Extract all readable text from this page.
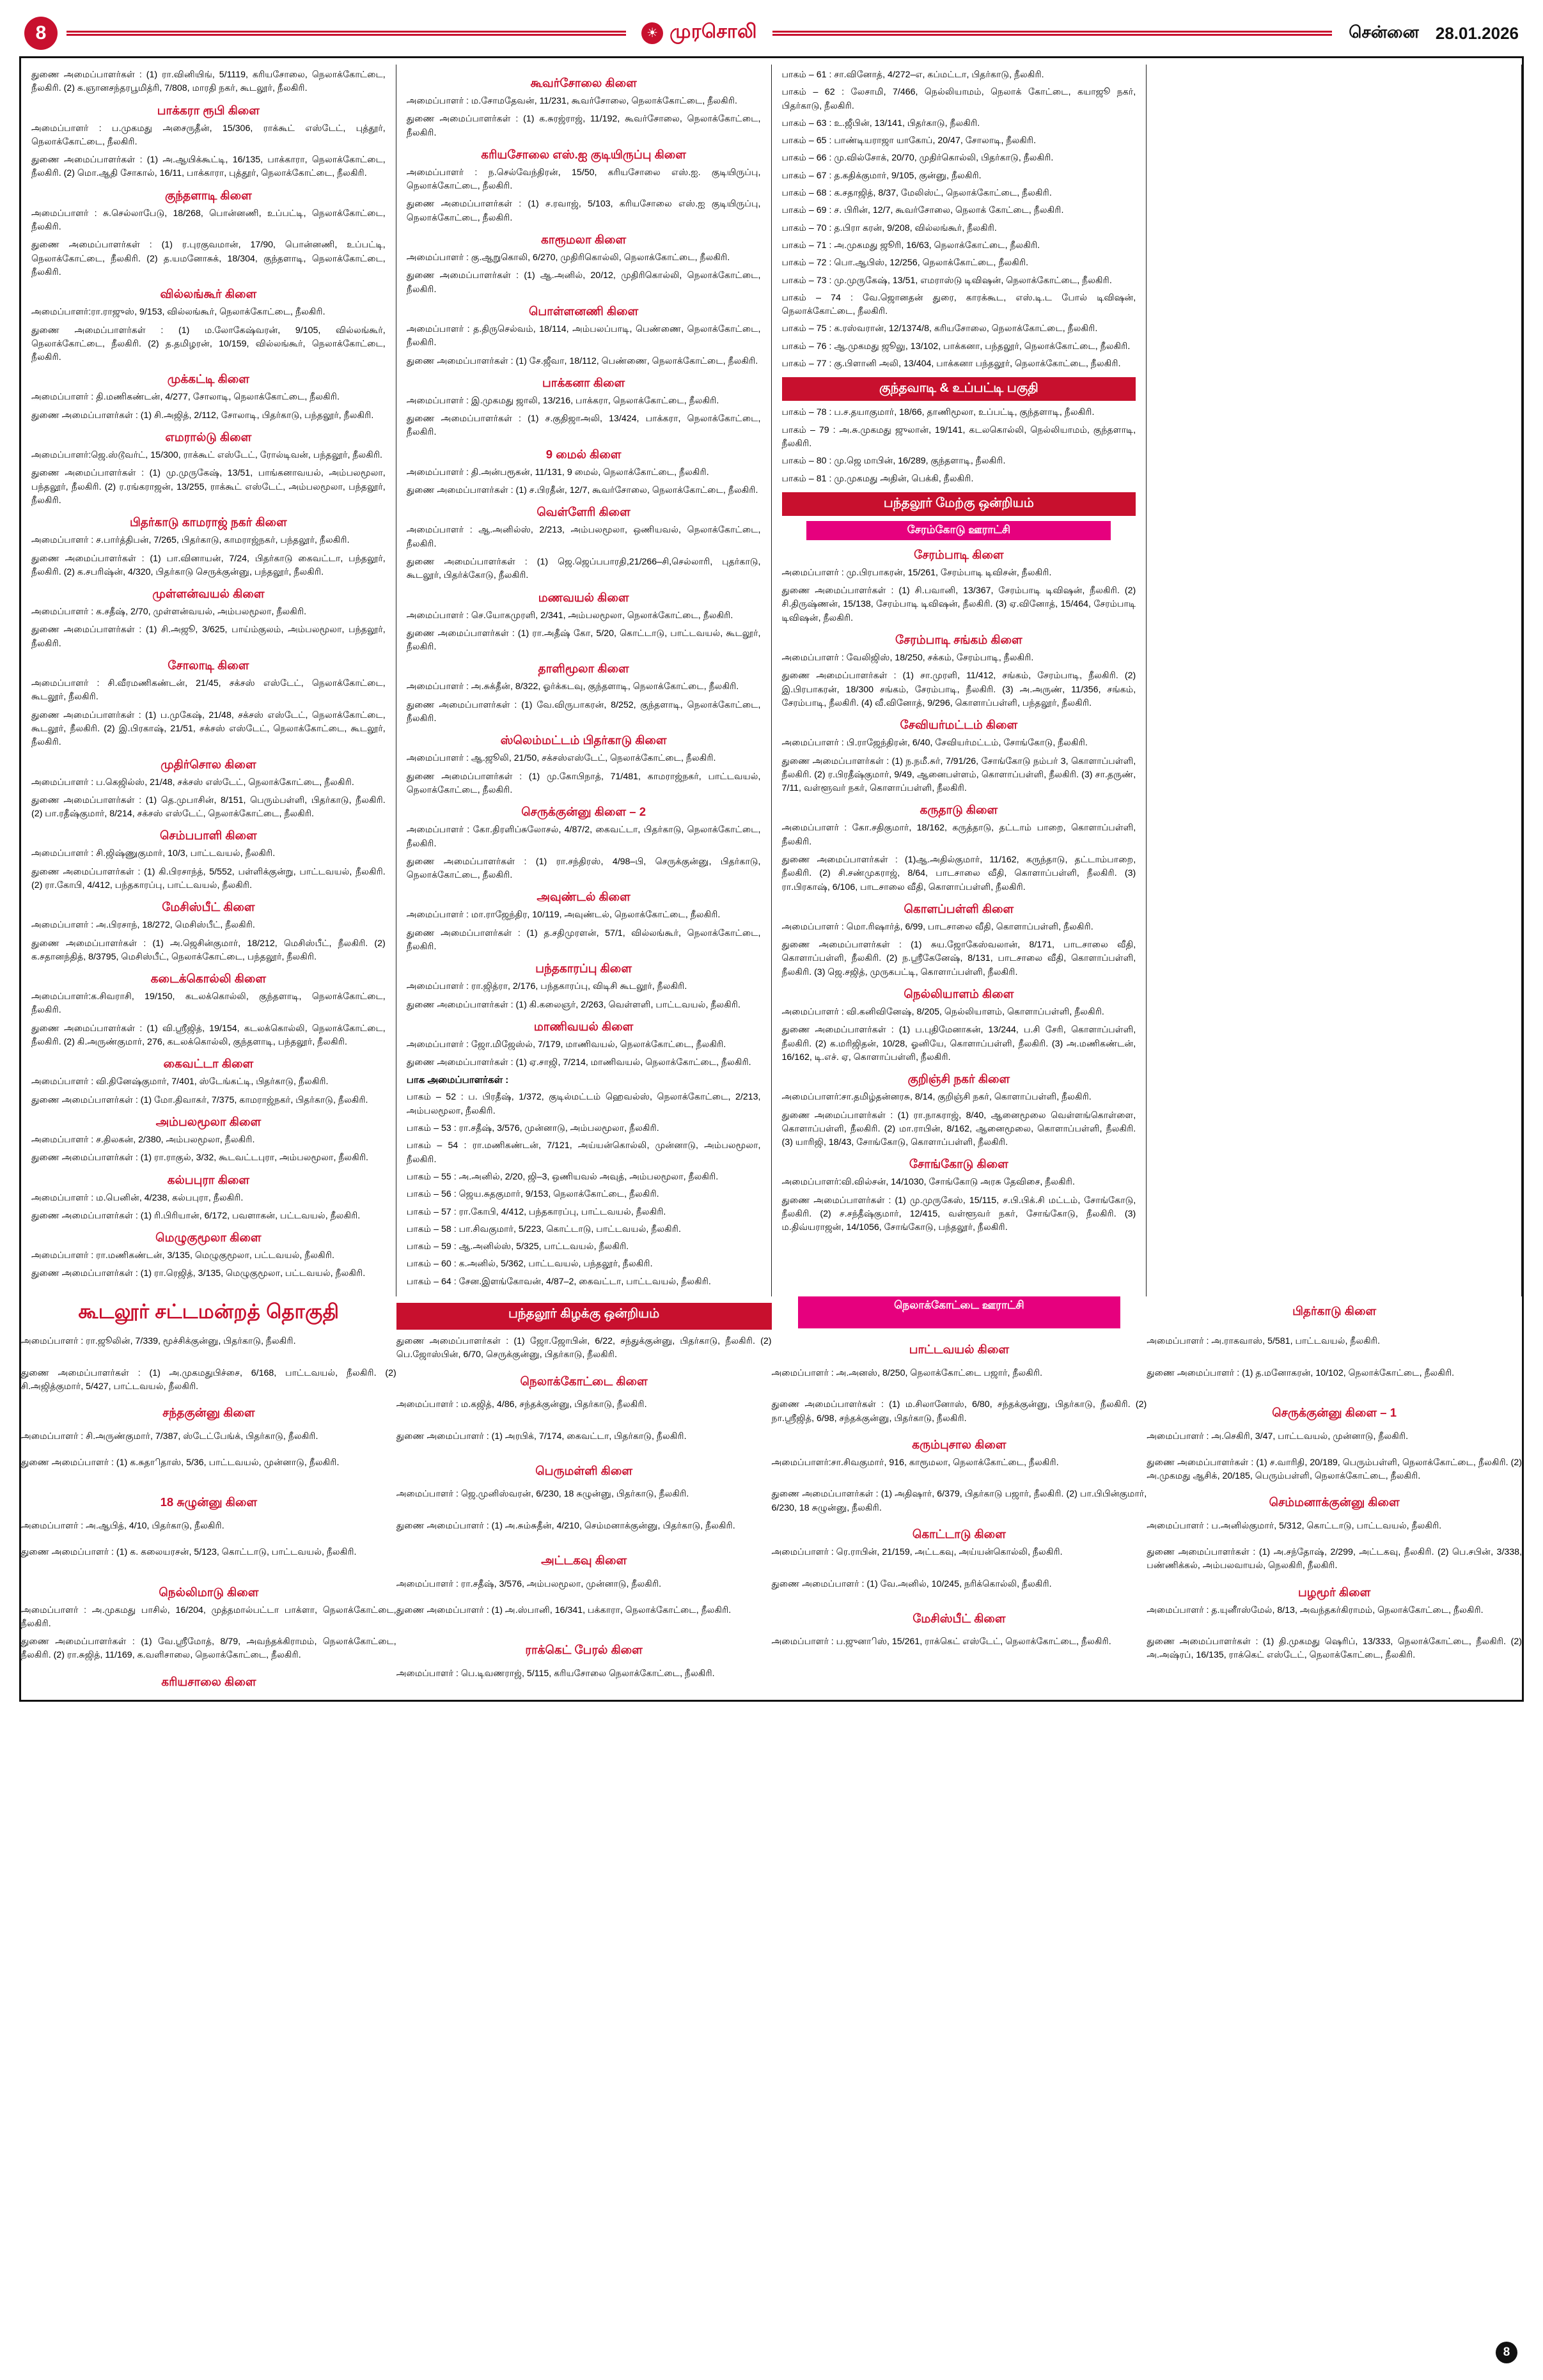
8	☀ முரசொலி	சென்னை	28.01.2026
துணை அமைப்பாளர்கள் : (1) ரா.வினியிங், 5/1119, கரியசோலை, நெலாக்கோட்டை, நீலகிரி. (2) க.ஞானசந்தரபூமித்ரி, 7/808, மாரதி நகர், கூடலூர், நீலகிரி.
பாக்கரா ரூபி கிளை
அமைப்பாளர் : ப.முகமது அசைருதீன், 15/306, ராக்கூட் எஸ்டேட், புத்தூர், நெலாக்கோட்டை, நீலகிரி.
துணை அமைப்பாளர்கள் : (1) அ.ஆயிக்கூட்டி, 16/135, பாக்காரா, நெலாக்கோட்டை, நீலகிரி. (2) மொ.ஆதி சோகால், 16/11, பாக்காரா, புத்தூர், நெலாக்கோட்டை, நீலகிரி.
குந்தளாடி கிளை
அமைப்பாளர் : சு.செல்லாபேடு, 18/268, பொன்னணி, உப்பட்டி, நெலாக்கோட்டை, நீலகிரி.
துணை அமைப்பாளர்கள் : (1) ர.புரகுவமான், 17/90, பொன்னணி, உப்பட்டி, நெலாக்கோட்டை, நீலகிரி. (2) த.யமனோசுக், 18/304, குந்தளாடி, நெலாக்கோட்டை, நீலகிரி.
வில்லங்கூர் கிளை
அமைப்பாளர்:ரா.ராஜுஸ், 9/153, வில்லங்கூர், நெலாக்கோட்டை, நீலகிரி.
துணை அமைப்பாளர்கள் : (1) ம.லோகேஷ்வரன், 9/105, வில்லங்கூர், நெலாக்கோட்டை, நீலகிரி. (2) த.தமிழரன், 10/159, வில்லங்கூர், நெலாக்கோட்டை, நீலகிரி.
முக்கட்டி கிளை
அமைப்பாளர் : தி.மணிகண்டன், 4/277, சோலாடி, நெலாக்கோட்டை, நீலகிரி.
துணை அமைப்பாளர்கள் : (1) சி.அஜித், 2/112, சோலாடி, பிதர்காடு, பந்தலூர், நீலகிரி.
எமரால்டு கிளை
அமைப்பாளர்:ஜெ.ஸ்டூவர்ட், 15/300, ராக்கூட் எஸ்டேட், ரோல்டிவன், பந்தலூர், நீலகிரி.
துணை அமைப்பாளர்கள் : (1) மு.முருகேஷ், 13/51, பாங்கனாவயல், அம்பலமூலா, பந்தலூர், நீலகிரி. (2) ர.ரங்கராஜன், 13/255, ராக்கூட் எஸ்டேட், அம்பலமூலா, பந்தலூர், நீலகிரி.
பிதர்காடு காமராஜ் நகர் கிளை
அமைப்பாளர் : ச.பார்த்திபன், 7/265, பிதர்காடு, காமராஜ்நகர், பந்தலூர், நீலகிரி.
துணை அமைப்பாளர்கள் : (1) பா.வினாயன், 7/24, பிதர்காடு கைவட்டா, பந்தலூர், நீலகிரி. (2) க.சபரிஷ்ன், 4/320, பிதர்காடு செருக்குன்னு, பந்தலூர், நீலகிரி.
முள்ளன்வயல் கிளை
அமைப்பாளர் : க.சதீஷ், 2/70, முள்ளன்வயல், அம்பலமூலா, நீலகிரி.
துணை அமைப்பாளர்கள் : (1) சி.அஜூ, 3/625, பாய்ம்குலம், அம்பலமூலா, பந்தலூர், நீலகிரி.
சோலாடி கிளை
அமைப்பாளர் : சி.வீரமணிகண்டன், 21/45, சக்சஸ் எஸ்டேட், நெலாக்கோட்டை, கூடலூர், நீலகிரி.
துணை அமைப்பாளர்கள் : (1) ப.முகேஷ், 21/48, சக்சஸ் எஸ்டேட், நெலாக்கோட்டை, கூடலூர், நீலகிரி. (2) இ.பிரகாஷ், 21/51, சக்சஸ் எஸ்டேட், நெலாக்கோட்டை, கூடலூர், நீலகிரி.
முதிர்சொல கிளை
அமைப்பாளர் : ப.கெஜில்ஸ், 21/48, சக்சஸ் எஸ்டேட், நெலாக்கோட்டை, நீலகிரி.
துணை அமைப்பாளர்கள் : (1) தெ.முபாசின், 8/151, பெரும்பள்ளி, பிதர்காடு, நீலகிரி. (2) பா.ரதீஷ்குமார், 8/214, சக்சஸ் எஸ்டேட், நெலாக்கோட்டை, நீலகிரி.
செம்பபாளி கிளை
அமைப்பாளர் : சி.ஜிஷ்ணுகுமார், 10/3, பாட்டவயல், நீலகிரி.
துணை அமைப்பாளர்கள் : (1) கி.பிரசாந்த், 5/552, பள்ளிக்குன்று, பாட்டவயல், நீலகிரி. (2) ரா.கோபி, 4/412, பந்தகாரப்பு, பாட்டவயல், நீலகிரி.
மேசிஸ்பீட் கிளை
அமைப்பாளர் : அ.பிரசாந், 18/272, மெசிஸ்பீட், நீலகிரி.
துணை அமைப்பாளர்கள் : (1) அ.ஜெசின்குமார், 18/212, மெசிஸ்பீட், நீலகிரி. (2) க.சதானந்தித், 8/3795, மெசிஸ்பீட், நெலாக்கோட்டை, பந்தலூர், நீலகிரி.
கடைக்கொல்லி கிளை
அமைப்பாளர்:க.சிவராசி, 19/150, கடலக்கொல்லி, குந்தளாடி, நெலாக்கோட்டை, நீலகிரி.
துணை அமைப்பாளர்கள் : (1) வி.ஸ்ரீஜித், 19/154, கடலக்கொல்லி, நெலாக்கோட்டை, நீலகிரி. (2) கி.அருண்குமார், 276, கடலக்கொல்லி, குந்தளாடி, பந்தலூர், நீலகிரி.
கைவட்டா கிளை
அமைப்பாளர் : வி.தினேஷ்குமார், 7/401, ஸ்டேங்கட்டி, பிதர்காடு, நீலகிரி.
துணை அமைப்பாளர்கள் : (1) மோ.திவாகர், 7/375, காமராஜ்நகர், பிதர்காடு, நீலகிரி.
அம்பலமூலா கிளை
அமைப்பாளர் : ச.திலகன், 2/380, அம்பலமூலா, நீலகிரி.
துணை அமைப்பாளர்கள் : (1) ரா.ராகுல், 3/32, கூடவட்டபுரா, அம்பலமூலா, நீலகிரி.
கல்பபுரா கிளை
அமைப்பாளர் : ம.பெனின், 4/238, கல்பபுரா, நீலகிரி.
துணை அமைப்பாளர்கள் : (1) ரி.பிரியான், 6/172, பவளாகன், பட்டவயல், நீலகிரி.
மெழுகுமூலா கிளை
அமைப்பாளர் : ரா.மணிகண்டன், 3/135, மெழுகுமூலா, பட்டவயல், நீலகிரி.
துணை அமைப்பாளர்கள் : (1) ரா.ரெஜித், 3/135, மெழுகுமூலா, பட்டவயல், நீலகிரி.
கூவர்சோலை கிளை
அமைப்பாளர் : ம.சோமதேவன், 11/231, கூவர்சோலை, நெலாக்கோட்டை, நீலகிரி.
துணை அமைப்பாளர்கள் : (1) க.சுரஜ்ராஜ், 11/192, கூவர்சோலை, நெலாக்கோட்டை, நீலகிரி.
கரியசோலை எஸ்.ஐ குடியிருப்பு கிளை
அமைப்பாளர் : ந.செல்வேந்திரன், 15/50, கரியசோலை எஸ்.ஐ. குடியிருப்பு, நெலாக்கோட்டை, நீலகிரி.
துணை அமைப்பாளர்கள் : (1) ச.ரவாஜ், 5/103, கரியசோலை எஸ்.ஐ குடியிருப்பு, நெலாக்கோட்டை, நீலகிரி.
காரூமலா கிளை
அமைப்பாளர் : கு.ஆறுகொலி, 6/270, முதிரிகொல்லி, நெலாக்கோட்டை, நீலகிரி.
துணை அமைப்பாளர்கள் : (1) ஆ.அனில், 20/12, முதிரிகொல்லி, நெலாக்கோட்டை, நீலகிரி.
பொள்ளனணி கிளை
அமைப்பாளர் : த.திருசெல்வம், 18/114, அம்பலப்பாடி, பெண்ணை, நெலாக்கோட்டை, நீலகிரி.
துணை அமைப்பாளர்கள் : (1) சே.ஜீவா, 18/112, பெண்ணை, நெலாக்கோட்டை, நீலகிரி.
பாக்கனா கிளை
அமைப்பாளர் : இ.முகமது ஜாலி, 13/216, பாக்கரா, நெலாக்கோட்டை, நீலகிரி.
துணை அமைப்பாளர்கள் : (1) ச.குதிஜாஅலி, 13/424, பாக்கரா, நெலாக்கோட்டை, நீலகிரி.
9 மைல் கிளை
அமைப்பாளர் : தி.அன்பரூகன், 11/131, 9 மைல், நெலாக்கோட்டை, நீலகிரி.
துணை அமைப்பாளர்கள் : (1) ச.பிரதீன், 12/7, கூவர்சோலை, நெலாக்கோட்டை, நீலகிரி.
வெள்ளேரி கிளை
அமைப்பாளர் : ஆ.அனில்ஸ், 2/213, அம்பலமூலா, ஒணியவல், நெலாக்கோட்டை, நீலகிரி.
துணை அமைப்பாளர்கள் : (1) ஜெ.ஜெப்பபாரதி,21/266–சி,செல்லாரி, புதர்காடு, கூடலூர், பிதர்க்கோடு, நீலகிரி.
மணவயல் கிளை
அமைப்பாளர் : செ.யோகமுரளி, 2/341, அம்பலமூலா, நெலாக்கோட்டை, நீலகிரி.
துணை அமைப்பாளர்கள் : (1) ரா.அதீஷ் கோ, 5/20, கொட்டாடு, பாட்டவயல், கூடலூர், நீலகிரி.
தாளிமூலா கிளை
அமைப்பாளர் : அ.சுக்தீன், 8/322, ஓர்க்கடவு, குந்தளாடி, நெலாக்கோட்டை, நீலகிரி.
துணை அமைப்பாளர்கள் : (1) வே.விருபாகரன், 8/252, குந்தளாடி, நெலாக்கோட்டை, நீலகிரி.
ஸ்லெம்மட்டம் பிதர்காடு கிளை
அமைப்பாளர் : ஆ.ஜூலி, 21/50, சக்சஸ்எஸ்டேட், நெலாக்கோட்டை, நீலகிரி.
துணை அமைப்பாளர்கள் : (1) மு.கோபிநாத், 71/481, காமராஜ்நகர், பாட்டவயல், நெலாக்கோட்டை, நீலகிரி.
செருக்குன்னு கிளை – 2
அமைப்பாளர் : கோ.திரளிப்சுலோசல், 4/87/2, கைவட்டா, பிதர்காடு, நெலாக்கோட்டை, நீலகிரி.
துணை அமைப்பாளர்கள் : (1) ரா.சந்திரஸ், 4/98–பி, செருக்குன்னு, பிதர்காடு, நெலாக்கோட்டை, நீலகிரி.
அவுண்டல் கிளை
அமைப்பாளர் : மா.ராஜேந்திர, 10/119, அவுண்டல், நெலாக்கோட்டை, நீலகிரி.
துணை அமைப்பாளர்கள் : (1) த.சதிமுரளன், 57/1, வில்லங்கூர், நெலாக்கோட்டை, நீலகிரி.
பந்தகாரப்பு கிளை
அமைப்பாளர் : ரா.ஜித்ரா, 2/176, பந்தகாரப்பு, விடிசி கூடலூர், நீலகிரி.
துணை அமைப்பாளர்கள் : (1) கி.கலைஞர், 2/263, வெள்ளளி, பாட்டவயல், நீலகிரி.
மாணிவயல் கிளை
அமைப்பாளர் : ஜோ.மிஜேஸ்ல், 7/179, மாணிவயல், நெலாக்கோட்டை, நீலகிரி.
துணை அமைப்பாளர்கள் : (1) ஏ.சாஜி, 7/214, மாணிவயல், நெலாக்கோட்டை, நீலகிரி.
பாக அமைப்பாளர்கள் :
பாகம் – 52 : ப. பிரதீஷ், 1/372, குடில்மட்டம் ஹெவல்ஸ், நெலாக்கோட்டை, 2/213, அம்பலமூலா, நீலகிரி.
பாகம் – 53 : ரா.சதீஷ், 3/576, முன்னாடு, அம்பலமூலா, நீலகிரி.
பாகம் – 54 : ரா.மணிகண்டன், 7/121, அய்யன்கொல்லி, முன்னாடு, அம்பலமூலா, நீலகிரி.
பாகம் – 55 : அ.அனில், 2/20, ஜி–3, ஒணியவல் அவுத், அம்பலமூலா, நீலகிரி.
பாகம் – 56 : ஜெய.சுதகுமார், 9/153, நெலாக்கோட்டை, நீலகிரி.
பாகம் – 57 : ரா.கோபி, 4/412, பந்தகாரப்பு, பாட்டவயல், நீலகிரி.
பாகம் – 58 : பா.சிவகுமார், 5/223, கொட்டாடு, பாட்டவயல், நீலகிரி.
பாகம் – 59 : ஆ.அனில்ஸ், 5/325, பாட்டவயல், நீலகிரி.
பாகம் – 60 : க.அனில், 5/362, பாட்டவயல், பந்தலூர், நீலகிரி.
பாகம் – 64 : சேன.இளங்கோவன், 4/87–2, கைவட்டா, பாட்டவயல், நீலகிரி.
பாகம் – 61 : சா.வினோத், 4/272–எ, கப்மட்டா, பிதர்காடு, நீலகிரி.
பாகம் – 62 : லேசாமி, 7/466, நெல்லியாமம், நெலாக் கோட்டை, கயாஜூ நகர், பிதர்காடு, நீலகிரி.
பாகம் – 63 : உ.ஜீபின், 13/141, பிதர்காடு, நீலகிரி.
பாகம் – 65 : பாண்டியராஜா யாகோப், 20/47, சோலாடி, நீலகிரி.
பாகம் – 66 : மு.வில்சோக், 20/70, முதிர்கொல்லி, பிதர்காடு, நீலகிரி.
பாகம் – 67 : த.கதிக்குமார், 9/105, குன்னு, நீலகிரி.
பாகம் – 68 : க.சதாஜித், 8/37, மேலிஸ்ட், நெலாக்கோட்டை, நீலகிரி.
பாகம் – 69 : ச. பிரின், 12/7, கூவர்சோலை, நெலாக் கோட்டை, நீலகிரி.
பாகம் – 70 : த.பிரா கரன், 9/208, வில்லங்கூர், நீலகிரி.
பாகம் – 71 : அ.முகமது ஜூரி, 16/63, நெலாக்கோட்டை, நீலகிரி.
பாகம் – 72 : பொ.ஆபிஸ், 12/256, நெலாக்கோட்டை, நீலகிரி.
பாகம் – 73 : மு.முருகேஷ், 13/51, எமராஸ்டு டிவிஷன், நெலாக்கோட்டை, நீலகிரி.
பாகம் – 74 : வே.ஜொனதன் துரை, காரக்கூட, எஸ்.டி.ட போல் டிவிஷன், நெலாக்கோட்டை, நீலகிரி.
பாகம் – 75 : க.ரஸ்வரான், 12/1374/8, கரியசோலை, நெலாக்கோட்டை, நீலகிரி.
பாகம் – 76 : ஆ.முகமது ஜூலு, 13/102, பாக்கனா, பந்தலூர், நெலாக்கோட்டை, நீலகிரி.
பாகம் – 77 : கு.பிளானி அலி, 13/404, பாக்கனா பந்தலூர், நெலாக்கோட்டை, நீலகிரி.
குந்தவாடி & உப்பட்டி பகுதி
பாகம் – 78 : ப.ச.தயாகுமார், 18/66, தாணிமூலா, உப்பட்டி, குந்தளாடி, நீலகிரி.
பாகம் – 79 : அ.சு.முகமது ஜுலான், 19/141, கடலகொல்லி, நெல்லியாமம், குந்தளாடி, நீலகிரி.
பாகம் – 80 : மு.ஜெ மாபின், 16/289, குந்தளாடி, நீலகிரி.
பாகம் – 81 : மு.முகமது அதின், பெக்கி, நீலகிரி.
பந்தலூர் மேற்கு ஒன்றியம்
சேரம்கோடு ஊராட்சி
சேரம்பாடி கிளை
அமைப்பாளர் : மு.பிரபாகரன், 15/261, சேரம்பாடி டிவிசன், நீலகிரி.
துணை அமைப்பாளர்கள் : (1) சி.பவானி, 13/367, சேரம்பாடி டிவிஷன், நீலகிரி. (2) சி.திருஷ்ணன், 15/138, சேரம்பாடி டிவிஷன், நீலகிரி. (3) ஏ.வினோத், 15/464, சேரம்பாடி டிவிஷன், நீலகிரி.
சேரம்பாடி சங்கம் கிளை
அமைப்பாளர் : வேலிஜிஸ், 18/250, சக்கம், சேரம்பாடி, நீலகிரி.
துணை அமைப்பாளர்கள் : (1) சா.முரளி, 11/412, சங்கம், சேரம்பாடி, நீலகிரி. (2) இ.பிரபாகரன், 18/300 சங்கம், சேரம்பாடி, நீலகிரி. (3) அ.அருண், 11/356, சங்கம், சேரம்பாடி, நீலகிரி. (4) வீ.வினோத், 9/296, கொளாப்பள்ளி, பந்தலூர், நீலகிரி.
சேவியர்மட்டம் கிளை
அமைப்பாளர் : பி.ராஜேந்திரன், 6/40, சேவியர்மட்டம், சோங்கோடு, நீலகிரி.
துணை அமைப்பாளர்கள் : (1) ந.நமீ.சுர், 7/91/26, சோங்கோடு நம்பர் 3, கொளாப்பள்ளி, நீலகிரி. (2) ர.பிரதீஷ்குமார், 9/49, ஆனைபள்ளம், கொளாப்பள்ளி, நீலகிரி. (3) சா.தருண், 7/11, வள்ளூவர் நகர், கொளாப்பள்ளி, நீலகிரி.
கருதாடு கிளை
அமைப்பாளர் : கோ.சதிகுமார், 18/162, கருத்தாடு, தட்டாம் பாறை, கொளாப்பள்ளி, நீலகிரி.
துணை அமைப்பாளர்கள் : (1)ஆ.அதில்குமார், 11/162, கருந்தாடு, தட்டாம்பாறை, நீலகிரி. (2) சி.சண்முகராஜ், 8/64, பாடசாலை வீதி, கொளாப்பள்ளி, நீலகிரி. (3) ரா.பிரகாஷ், 6/106, பாடசாலை வீதி, கொளாப்பள்ளி, நீலகிரி.
கொளப்பள்ளி கிளை
அமைப்பாளர் : மொ.ரிஷார்த், 6/99, பாடசாலை வீதி, கொளாப்பள்ளி, நீலகிரி.
துணை அமைப்பாளர்கள் : (1) சுய.ஜோகேஸ்வலான், 8/171, பாடசாலை வீதி, கொளாப்பள்ளி, நீலகிரி. (2) ந.ஸ்ரீகேனேஷ், 8/131, பாடசாலை வீதி, கொளாப்பள்ளி, நீலகிரி. (3) ஜெ.சஜித், முருகபட்டி, கொளாப்பள்ளி, நீலகிரி.
நெல்லியாளம் கிளை
அமைப்பாளர் : வி.கனிவினேஷ், 8/205, நெல்லியாளம், கொளாப்பள்ளி, நீலகிரி.
துணை அமைப்பாளர்கள் : (1) ப.புதிமேனாகன், 13/244, ப.சி சேரி, கொளாப்பள்ளி, நீலகிரி. (2) க.மரிஜிதன், 10/28, ஓனியே, கொளாப்பள்ளி, நீலகிரி. (3) அ.மணிகண்டன், 16/162, டி.எச். ஏ, கொளாப்பள்ளி, நீலகிரி.
குறிஞ்சி நகர் கிளை
அமைப்பாளர்:சா.தமிழ்தன்னரசு, 8/14, குறிஞ்சி நகர், கொளாப்பள்ளி, நீலகிரி.
துணை அமைப்பாளர்கள் : (1) ரா.நாகராஜ், 8/40, ஆனைமூலை வெள்ளங்கொள்ளை, கொளாப்பள்ளி, நீலகிரி. (2) மா.ராபின், 8/162, ஆனைமூலை, கொளாப்பள்ளி, நீலகிரி. (3) யாரிஜி, 18/43, சோங்கோடு, கொளாப்பள்ளி, நீலகிரி.
சோங்கோடு கிளை
அமைப்பாளர்:வி.வில்சன், 14/1030, சோங்கோடு அரசு தேவிசை, நீலகிரி.
துணை அமைப்பாளர்கள் : (1) மு.முருகேஸ், 15/115, ச.பி.பிக்.சி மட்டம், சோங்கோடு, நீலகிரி. (2) ச.சந்தீஷ்குமார், 12/415, வள்ளூவர் நகர், சோங்கோடு, நீலகிரி. (3) ம.திவ்யராஜன், 14/1056, சோங்கோடு, பந்தலூர், நீலகிரி.
கூடலூர் சட்டமன்றத் தொகுதி	பந்தலூர் கிழக்கு ஒன்றியம்
நெலாக்கோட்டை ஊராட்சி	பிதர்காடு கிளை
அமைப்பாளர் : ரா.ஜூலின், 7/339, மூச்சிக்குன்னு, பிதர்காடு, நீலகிரி.	துணை அமைப்பாளர்கள் : (1) ஜோ.ஜோபின், 6/22, சந்துக்குன்னு, பிதர்காடு, நீலகிரி. (2) பெ.ஜோஸ்பின், 6/70, செருக்குன்னு, பிதர்காடு, நீலகிரி.	பாட்டவயல் கிளை
அமைப்பாளர் : அ.ராகவாஸ், 5/581, பாட்டவயல், நீலகிரி.
துணை அமைப்பாளர்கள் : (1) அ.முகமதுபிச்சை, 6/168, பாட்டவயல், நீலகிரி. (2) சி.அஜித்குமார், 5/427, பாட்டவயல், நீலகிரி.	நெலாக்கோட்டை கிளை
அமைப்பாளர் : அ.அனஸ், 8/250, நெலாக்கோட்டை பஜார், நீலகிரி.	துணை அமைப்பாளர் : (1) த.மனோகரன், 10/102, நெலாக்கோட்டை, நீலகிரி.
சந்தகுன்னு கிளை
அமைப்பாளர் : ம.கஜித், 4/86, சந்தக்குன்னு, பிதர்காடு, நீலகிரி.	துணை அமைப்பாளர்கள் : (1) ம.சிலானோஸ், 6/80, சந்தக்குன்னு, பிதர்காடு, நீலகிரி. (2) நா.ஸ்ரீஜித், 6/98, சந்தக்குன்னு, பிதர்காடு, நீலகிரி.	செருக்குன்னு கிளை – 1
அமைப்பாளர் : சி.அருண்குமார், 7/387, ஸ்டேட்பேங்க், பிதர்காடு, நீலகிரி.	துணை அமைப்பாளர் : (1) அரபிக், 7/174, கைவட்டா, பிதர்காடு, நீலகிரி.
கரும்புசால கிளை
அமைப்பாளர் : அ.செகிரி, 3/47, பாட்டவயல், முன்னாடு, நீலகிரி.
துணை அமைப்பாளர் : (1) க.சுதாிதாஸ், 5/36, பாட்டவயல், முன்னாடு, நீலகிரி.
பெருமள்ளி கிளை
அமைப்பாளர்:சா.சிவகுமார், 916, காரூமலா, நெலாக்கோட்டை, நீலகிரி.	துணை அமைப்பாளர்கள் : (1) ச.வாரிதி, 20/189, பெரும்பள்ளி, நெலாக்கோட்டை, நீலகிரி. (2) அ.முகமது ஆசிக், 20/185, பெரும்பள்ளி, நெலாக்கோட்டை, நீலகிரி.
18 சுழுன்னு கிளை
அமைப்பாளர் : ஜெ.முனிஸ்வரன், 6/230, 18 சுழுன்னு, பிதர்காடு, நீலகிரி.	துணை அமைப்பாளர்கள் : (1) அதிஷார், 6/379, பிதர்காடு பஜார், நீலகிரி. (2) பா.பிபின்குமார், 6/230, 18 சுழுன்னு, நீலகிரி.	செம்மனாக்குன்னு கிளை
அமைப்பாளர் : அ.ஆபித், 4/10, பிதர்காடு, நீலகிரி.	துணை அமைப்பாளர் : (1) அ.சும்சுதீன், 4/210, செம்மனாக்குன்னு, பிதர்காடு, நீலகிரி.
கொட்டாடு கிளை
அமைப்பாளர் : ப.அனில்குமார், 5/312, கொட்டாடு, பாட்டவயல், நீலகிரி.
துணை அமைப்பாளர் : (1) க. கலையரசன், 5/123, கொட்டாடு, பாட்டவயல், நீலகிரி.
அட்டகவு கிளை
அமைப்பாளர் : ரெ.ராபின், 21/159, அட்டகவு, அய்யன்கொல்லி, நீலகிரி.	துணை அமைப்பாளர்கள் : (1) அ.சந்தோஷ், 2/299, அட்டகவு, நீலகிரி. (2) பெ.சபின், 3/338, பண்ணிக்கல், அம்பலவாயல், நெலகிரி, நீலகிரி.
நெல்லிமாடு கிளை
அமைப்பாளர் : ரா.சதீஷ், 3/576, அம்பலமூலா, முன்னாடு, நீலகிரி.	துணை அமைப்பாளர் : (1) வே.அனில், 10/245, நரிக்கொல்லி, நீலகிரி.
பழமூர் கிளை
அமைப்பாளர் : அ.முகமது பாசில், 16/204, முத்தமால்பட்டா பாக்ளா, நெலாக்கோட்டை, நீலகிரி.
துணை அமைப்பாளர் : (1) அ.ஸ்பானி, 16/341, பக்காரா, நெலாக்கோட்டை, நீலகிரி.
மேசிஸ்பீட் கிளை
அமைப்பாளர் : த.யுனாீஸ்மேல், 8/13, அவந்தகர்கிராமம், நெலாக்கோட்டை, நீலகிரி.
துணை அமைப்பாளர்கள் : (1) வே.ஸ்ரீமோத், 8/79, அவந்தக்கிராமம், நெலாக்கோட்டை, நீலகிரி. (2) ரா.சுஜித், 11/169, க.வளிசாலை, நெலாக்கோட்டை, நீலகிரி.	ராக்கெட் பேரல் கிளை
அமைப்பாளர் : ப.ஜுனாிஸ், 15/261, ராக்கெட் எஸ்டேட், நெலாக்கோட்டை, நீலகிரி.	துணை அமைப்பாளர்கள் : (1) தி.முகமது ஷெரிப், 13/333, நெலாக்கோட்டை, நீலகிரி. (2) அ.அஷ்ரப், 16/135, ராக்கெட் எஸ்டேட், நெலாக்கோட்டை, நீலகிரி.
கரியசாலை கிளை
அமைப்பாளர் : பெ.டிவணராஜ், 5/115, கரியசோலை நெலாக்கோட்டை, நீலகிரி.
8
